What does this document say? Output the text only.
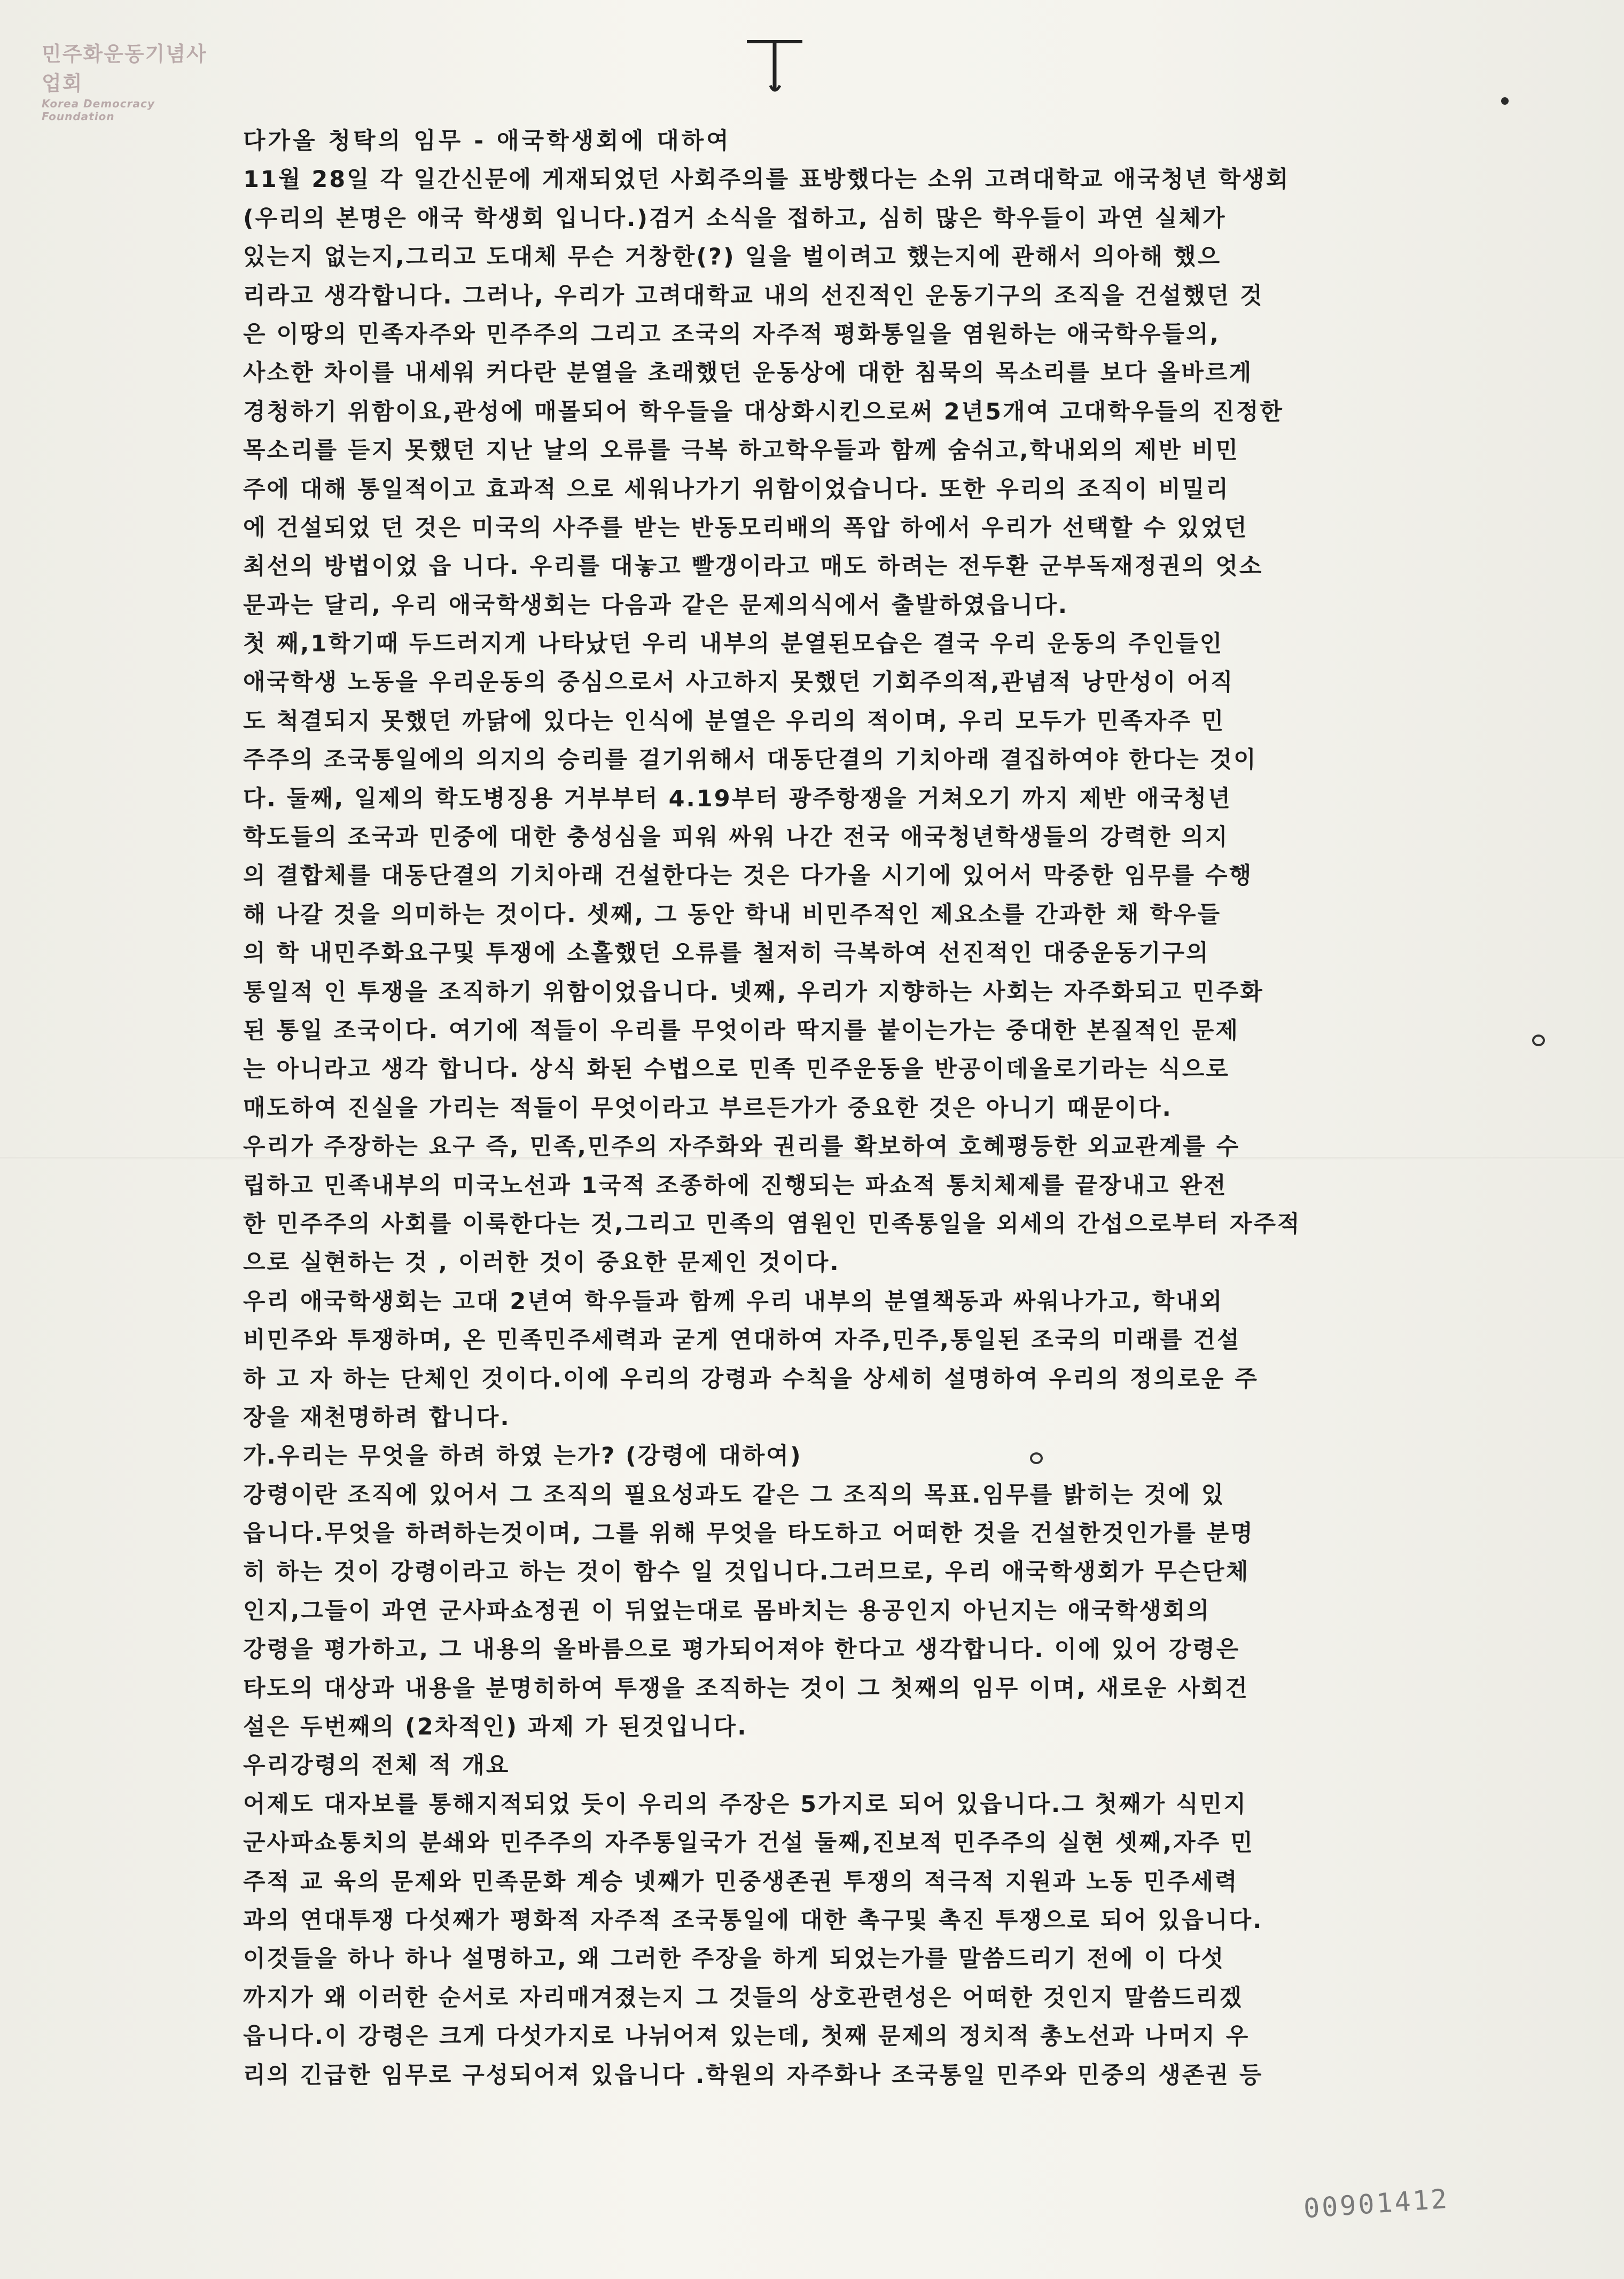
민주화운동기념사업회
Korea Democracy Foundation
다가올 청탁의 임무 - 애국학생회에 대하여
11월 28일 각 일간신문에 게재되었던 사회주의를 표방했다는 소위 고려대학교 애국청년 학생회
(우리의 본명은 애국 학생회 입니다.)검거 소식을 접하고, 심히 많은 학우들이 과연 실체가
있는지 없는지,그리고 도대체 무슨 거창한(?) 일을 벌이려고 했는지에 관해서 의아해 했으
리라고 생각합니다. 그러나, 우리가 고려대학교 내의 선진적인 운동기구의 조직을 건설했던 것
은 이땅의 민족자주와 민주주의 그리고 조국의 자주적 평화통일을 염원하는 애국학우들의,
사소한 차이를 내세워 커다란 분열을 초래했던 운동상에 대한 침묵의 목소리를 보다 올바르게
경청하기 위함이요,관성에 매몰되어 학우들을 대상화시킨으로써 2년5개여 고대학우들의 진정한
목소리를 듣지 못했던 지난 날의 오류를 극복 하고학우들과 함께 숨쉬고,학내외의 제반 비민
주에 대해 통일적이고 효과적 으로 세워나가기 위함이었습니다. 또한 우리의 조직이 비밀리
에 건설되었 던 것은 미국의 사주를 받는 반동모리배의 폭압 하에서 우리가 선택할 수 있었던
최선의 방법이었 읍 니다. 우리를 대놓고 빨갱이라고 매도 하려는 전두환 군부독재정권의 엇소
문과는 달리, 우리 애국학생회는 다음과 같은 문제의식에서 출발하였읍니다.
첫 째,1학기때 두드러지게 나타났던 우리 내부의 분열된모습은 결국 우리 운동의 주인들인
애국학생 노동을 우리운동의 중심으로서 사고하지 못했던 기회주의적,관념적 낭만성이 어직
도 척결되지 못했던 까닭에 있다는 인식에 분열은 우리의 적이며, 우리 모두가 민족자주 민
주주의 조국통일에의 의지의 승리를 걸기위해서 대동단결의 기치아래 결집하여야 한다는 것이
다. 둘째, 일제의 학도병징용 거부부터 4.19부터 광주항쟁을 거쳐오기 까지 제반 애국청년
학도들의 조국과 민중에 대한 충성심을 피워 싸워 나간 전국 애국청년학생들의 강력한 의지
의 결합체를 대동단결의 기치아래 건설한다는 것은 다가올 시기에 있어서 막중한 임무를 수행
해 나갈 것을 의미하는 것이다. 셋째, 그 동안 학내 비민주적인 제요소를 간과한 채 학우들
의 학 내민주화요구및 투쟁에 소홀했던 오류를 철저히 극복하여 선진적인 대중운동기구의
통일적 인 투쟁을 조직하기 위함이었읍니다. 넷째, 우리가 지향하는 사회는 자주화되고 민주화
된 통일 조국이다. 여기에 적들이 우리를 무엇이라 딱지를 붙이는가는 중대한 본질적인 문제
는 아니라고 생각 합니다. 상식 화된 수법으로 민족 민주운동을 반공이데올로기라는 식으로
매도하여 진실을 가리는 적들이 무엇이라고 부르든가가 중요한 것은 아니기 때문이다.
우리가 주장하는 요구 즉, 민족,민주의 자주화와 권리를 확보하여 호혜평등한 외교관계를 수
립하고 민족내부의 미국노선과 1국적 조종하에 진행되는 파쇼적 통치체제를 끝장내고 완전
한 민주주의 사회를 이룩한다는 것,그리고 민족의 염원인 민족통일을 외세의 간섭으로부터 자주적
으로 실현하는 것 , 이러한 것이 중요한 문제인 것이다.
우리 애국학생회는 고대 2년여 학우들과 함께 우리 내부의 분열책동과 싸워나가고, 학내외
비민주와 투쟁하며, 온 민족민주세력과 굳게 연대하여 자주,민주,통일된 조국의 미래를 건설
하 고 자 하는 단체인 것이다.이에 우리의 강령과 수칙을 상세히 설명하여 우리의 정의로운 주
장을 재천명하려 합니다.
가.우리는 무엇을 하려 하였 는가? (강령에 대하여)
강령이란 조직에 있어서 그 조직의 필요성과도 같은 그 조직의 목표.임무를 밝히는 것에 있
읍니다.무엇을 하려하는것이며, 그를 위해 무엇을 타도하고 어떠한 것을 건설한것인가를 분명
히 하는 것이 강령이라고 하는 것이 함수 일 것입니다.그러므로, 우리 애국학생회가 무슨단체
인지,그들이 과연 군사파쇼정권 이 뒤엎는대로 몸바치는 용공인지 아닌지는 애국학생회의
강령을 평가하고, 그 내용의 올바름으로 평가되어져야 한다고 생각합니다. 이에 있어 강령은
타도의 대상과 내용을 분명히하여 투쟁을 조직하는 것이 그 첫째의 임무 이며, 새로운 사회건
설은 두번째의 (2차적인) 과제 가 된것입니다.
우리강령의 전체 적 개요
어제도 대자보를 통해지적되었 듯이 우리의 주장은 5가지로 되어 있읍니다.그 첫째가 식민지
군사파쇼통치의 분쇄와 민주주의 자주통일국가 건설 둘째,진보적 민주주의 실현 셋째,자주 민
주적 교 육의 문제와 민족문화 계승 넷째가 민중생존권 투쟁의 적극적 지원과 노동 민주세력
과의 연대투쟁 다섯째가 평화적 자주적 조국통일에 대한 촉구및 촉진 투쟁으로 되어 있읍니다.
이것들을 하나 하나 설명하고, 왜 그러한 주장을 하게 되었는가를 말씀드리기 전에 이 다섯
까지가 왜 이러한 순서로 자리매겨졌는지 그 것들의 상호관련성은 어떠한 것인지 말씀드리겠
읍니다.이 강령은 크게 다섯가지로 나뉘어져 있는데, 첫째 문제의 정치적 총노선과 나머지 우
리의 긴급한 임무로 구성되어져 있읍니다 .학원의 자주화나 조국통일 민주와 민중의 생존권 등
00901412
